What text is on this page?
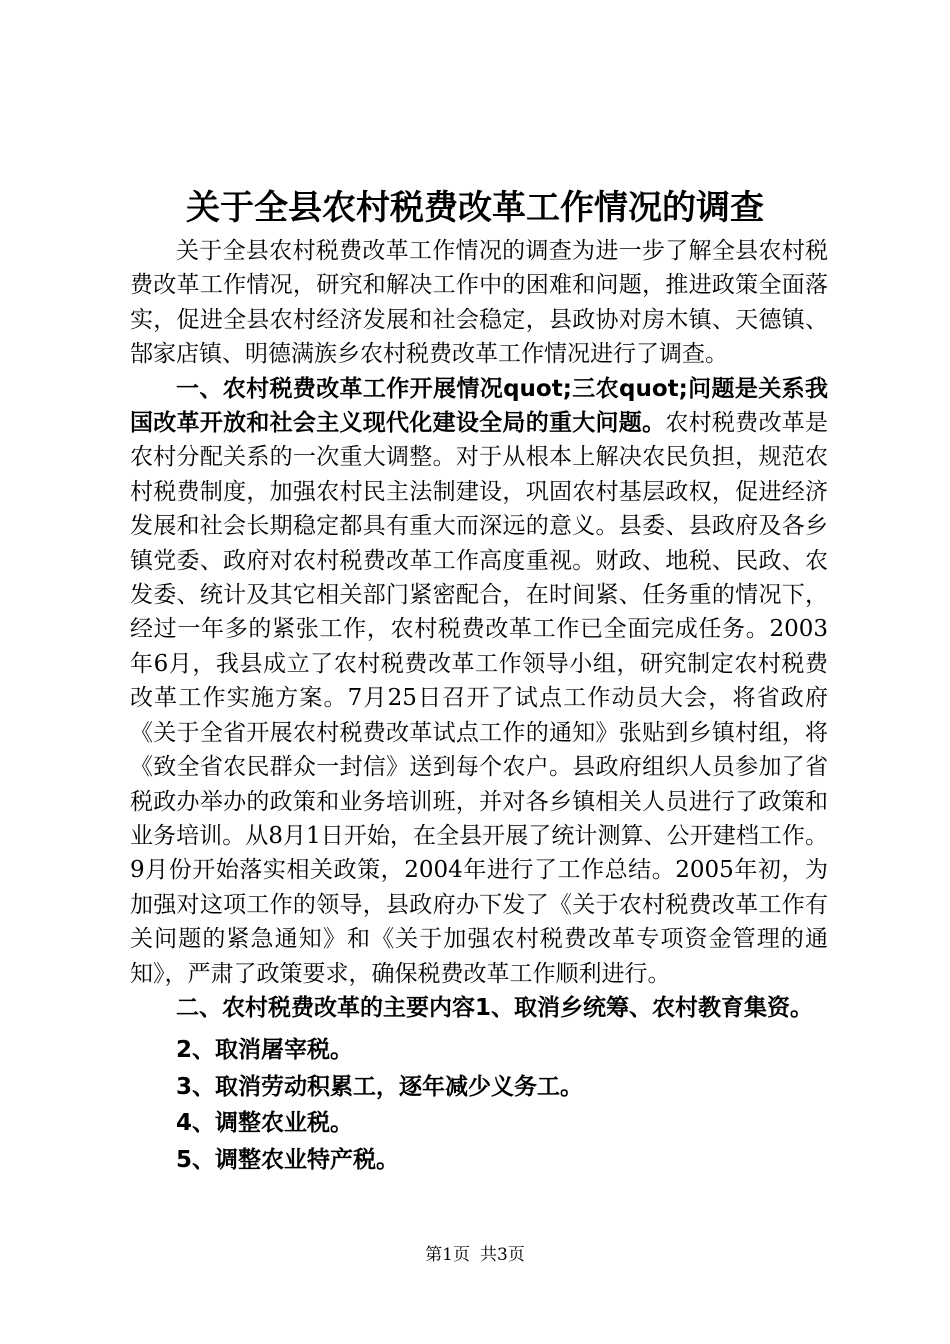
关于全县农村税费改革工作情况的调查

关于全县农村税费改革工作情况的调查为进一步了解全县农村税费改革工作情况，研究和解决工作中的困难和问题，推进政策全面落实，促进全县农村经济发展和社会稳定，县政协对房木镇、天德镇、郜家店镇、明德满族乡农村税费改革工作情况进行了调查。

一、农村税费改革工作开展情况quot;三农quot;问题是关系我国改革开放和社会主义现代化建设全局的重大问题。农村税费改革是农村分配关系的一次重大调整。对于从根本上解决农民负担，规范农村税费制度，加强农村民主法制建设，巩固农村基层政权，促进经济发展和社会长期稳定都具有重大而深远的意义。县委、县政府及各乡镇党委、政府对农村税费改革工作高度重视。财政、地税、民政、农发委、统计及其它相关部门紧密配合，在时间紧、任务重的情况下，经过一年多的紧张工作，农村税费改革工作已全面完成任务。2003年6月，我县成立了农村税费改革工作领导小组，研究制定农村税费改革工作实施方案。7月25日召开了试点工作动员大会，将省政府《关于全省开展农村税费改革试点工作的通知》张贴到乡镇村组，将《致全省农民群众一封信》送到每个农户。县政府组织人员参加了省税政办举办的政策和业务培训班，并对各乡镇相关人员进行了政策和业务培训。从8月1日开始，在全县开展了统计测算、公开建档工作。9月份开始落实相关政策，2004年进行了工作总结。2005年初，为加强对这项工作的领导，县政府办下发了《关于农村税费改革工作有关问题的紧急通知》和《关于加强农村税费改革专项资金管理的通知》，严肃了政策要求，确保税费改革工作顺利进行。

二、农村税费改革的主要内容1、取消乡统筹、农村教育集资。

2、取消屠宰税。

3、取消劳动积累工，逐年减少义务工。

4、调整农业税。

5、调整农业特产税。

第1页 共3页
